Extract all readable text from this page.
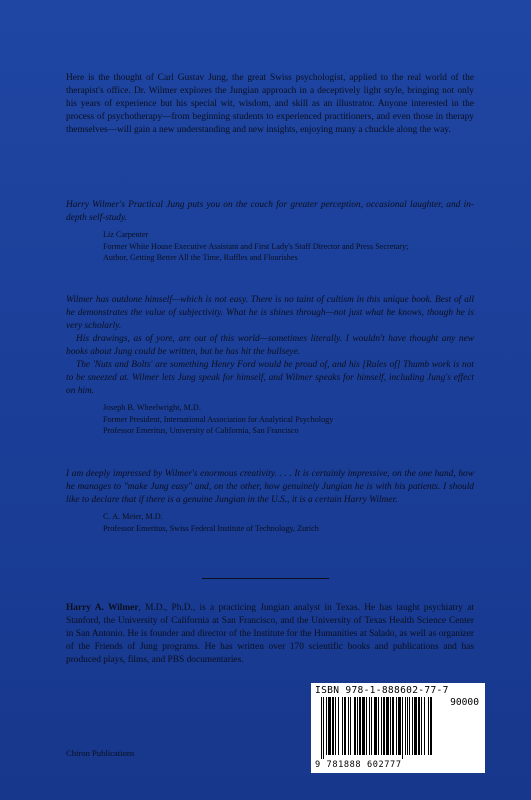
Here is the thought of Carl Gustav Jung, the great Swiss psychologist, applied to the real world of the therapist's office. Dr. Wilmer explores the Jungian approach in a deceptively light style, bringing not only his years of experience but his special wit, wisdom, and skill as an illustrator. Anyone interested in the process of psychotherapy—from beginning students to experienced practitioners, and even those in therapy themselves—will gain a new understanding and new insights, enjoying many a chuckle along the way.

Harry Wilmer's Practical Jung puts you on the couch for greater perception, occasional laughter, and in-depth self-study.

Liz Carpenter
Former White House Executive Assistant and First Lady's Staff Director and Press Secretary;
Author, Getting Better All the Time, Ruffles and Flourishes

Wilmer has outdone himself—which is not easy. There is no taint of cultism in this unique book. Best of all he demonstrates the value of subjectivity. What he is shines through—not just what he knows, though he is very scholarly.

His drawings, as of yore, are out of this world—sometimes literally. I wouldn't have thought any new books about Jung could be written, but he has hit the bullseye.

The 'Nuts and Bolts' are something Henry Ford would be proud of, and his [Rules of] Thumb work is not to be sneezed at. Wilmer lets Jung speak for himself, and Wilmer speaks for himself, including Jung's effect on him.

Joseph B. Wheelwright, M.D.
Former President, International Association for Analytical Psychology
Professor Emeritus, University of California, San Francisco

I am deeply impressed by Wilmer's enormous creativity. . . . It is certainly impressive, on the one hand, how he manages to "make Jung easy" and, on the other, how genuinely Jungian he is with his patients. I should like to declare that if there is a genuine Jungian in the U.S., it is a certain Harry Wilmer.

C. A. Meier, M.D.
Professor Emeritus, Swiss Federal Institute of Technology, Zurich
Harry A. Wilmer, M.D., Ph.D., is a practicing Jungian analyst in Texas. He has taught psychiatry at Stanford, the University of California at San Francisco, and the University of Texas Health Science Center in San Antonio. He is founder and director of the Institute for the Humanities at Salado, as well as organizer of the Friends of Jung programs. He has written over 170 scientific books and publications and has produced plays, films, and PBS documentaries.
Chiron Publications
ISBN 978-1-888602-77-7
90000
9 781888 602777
